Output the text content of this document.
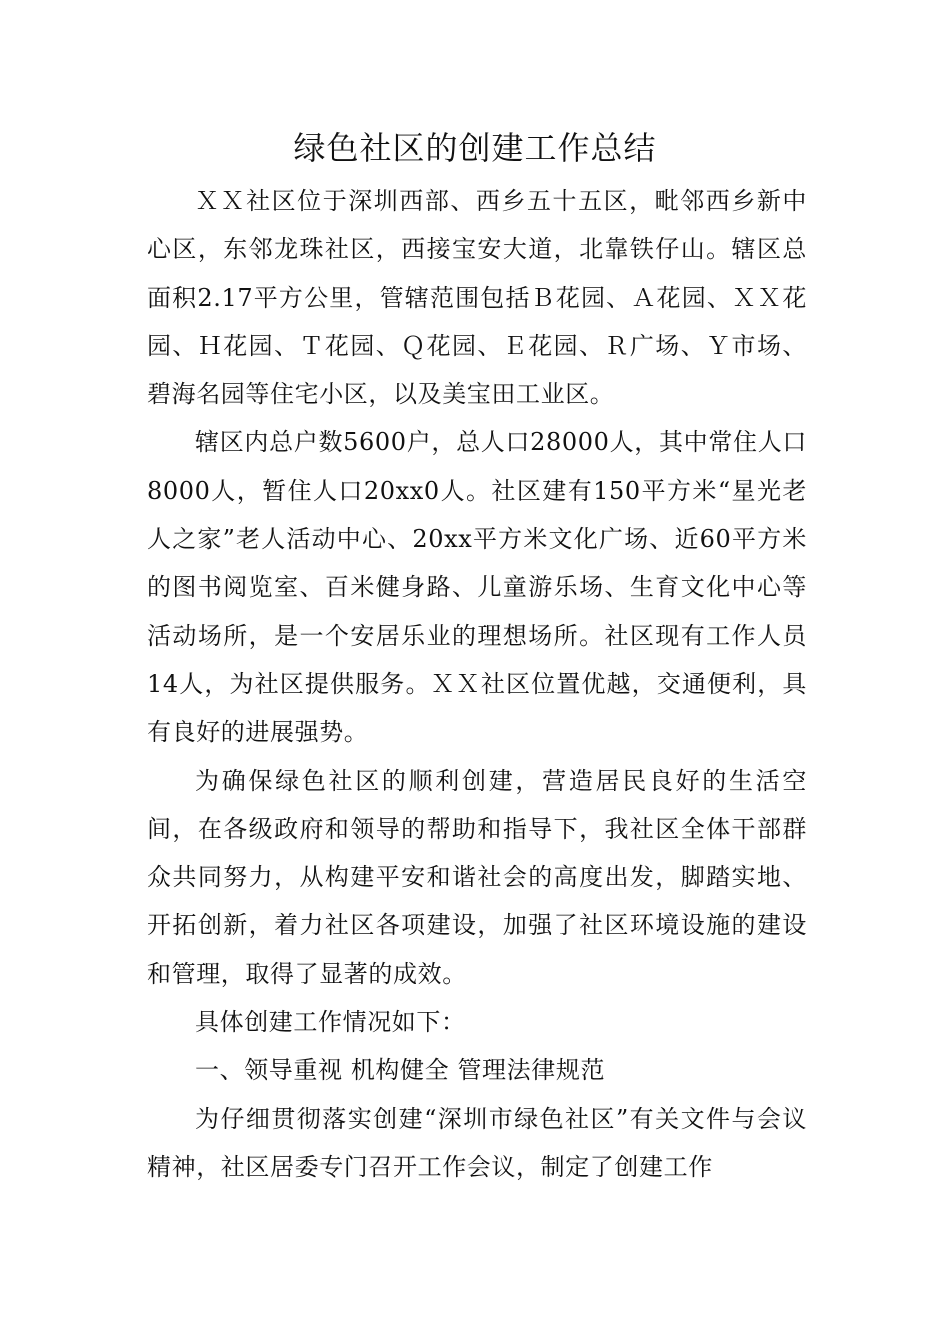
绿色社区的创建工作总结

ＸＸ社区位于深圳西部、西乡五十五区，毗邻西乡新中心区，东邻龙珠社区，西接宝安大道，北靠铁仔山。辖区总面积2.17平方公里，管辖范围包括Ｂ花园、Ａ花园、ＸＸ花园、Ｈ花园、Ｔ花园、Ｑ花园、Ｅ花园、Ｒ广场、Ｙ市场、碧海名园等住宅小区，以及美宝田工业区。

辖区内总户数5600户，总人口28000人，其中常住人口8000人，暂住人口20xx0人。社区建有150平方米“星光老人之家”老人活动中心、20xx平方米文化广场、近60平方米的图书阅览室、百米健身路、儿童游乐场、生育文化中心等活动场所，是一个安居乐业的理想场所。社区现有工作人员14人，为社区提供服务。ＸＸ社区位置优越，交通便利，具有良好的进展强势。

为确保绿色社区的顺利创建，营造居民良好的生活空间，在各级政府和领导的帮助和指导下，我社区全体干部群众共同努力，从构建平安和谐社会的高度出发，脚踏实地、开拓创新，着力社区各项建设，加强了社区环境设施的建设和管理，取得了显著的成效。

具体创建工作情况如下：

一、领导重视 机构健全 管理法律规范

为仔细贯彻落实创建“深圳市绿色社区”有关文件与会议精神，社区居委专门召开工作会议，制定了创建工作
